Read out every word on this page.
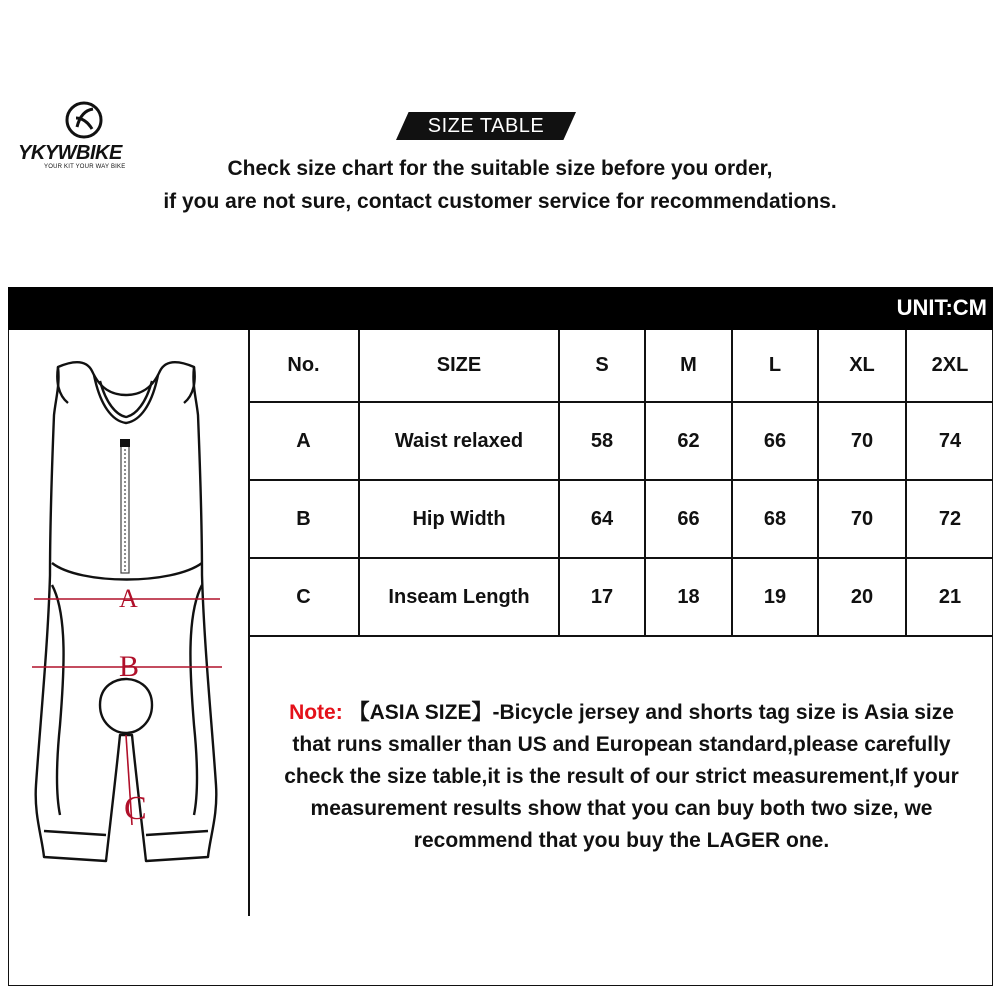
YKYWBIKE
YOUR KIT YOUR WAY BIKE
SIZE TABLE
Check size chart for the suitable size before you order,
if you are not sure, contact customer service for recommendations.
UNIT:CM
A
B
C
No.	SIZE	S	M	L	XL	2XL
A	Waist relaxed	58	62	66	70	74
B	Hip Width	64	66	68	70	72
C	Inseam Length	17	18	19	20	21
Note: 【ASIA SIZE】-Bicycle jersey and shorts tag size is Asia size
that runs smaller than US and European standard,please carefully
check the size table,it is the result of our strict measurement,If your
measurement results show that you can buy both two size, we
recommend that you buy the LAGER one.
